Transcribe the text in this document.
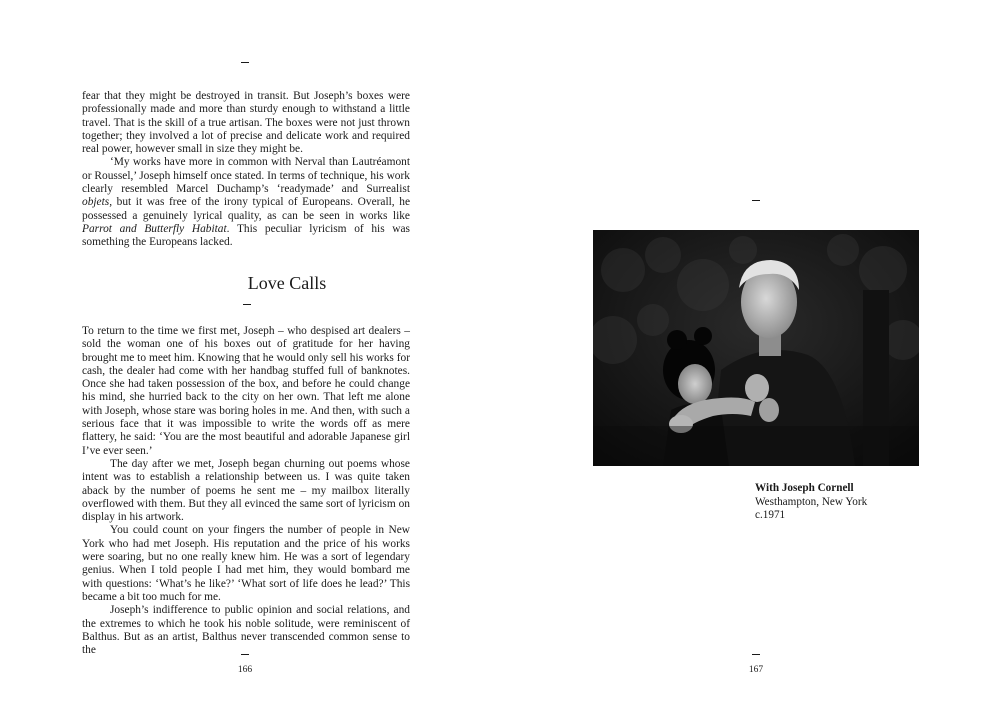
fear that they might be destroyed in transit. But Joseph’s boxes were professionally made and more than sturdy enough to withstand a little travel. That is the skill of a true artisan. The boxes were not just thrown together; they involved a lot of precise and delicate work and required real power, however small in size they might be.

‘My works have more in common with Nerval than Lautréamont or Roussel,’ Joseph himself once stated. In terms of technique, his work clearly resembled Marcel Duchamp’s ‘readymade’ and Surrealist objets, but it was free of the irony typical of Europeans. Overall, he possessed a genuinely lyrical quality, as can be seen in works like Parrot and Butterfly Habitat. This peculiar lyricism of his was something the Europeans lacked.

Love Calls

To return to the time we first met, Joseph – who despised art dealers – sold the woman one of his boxes out of gratitude for her having brought me to meet him. Knowing that he would only sell his works for cash, the dealer had come with her handbag stuffed full of banknotes. Once she had taken possession of the box, and before he could change his mind, she hurried back to the city on her own. That left me alone with Joseph, whose stare was boring holes in me. And then, with such a serious face that it was impossible to write the words off as mere flattery, he said: ‘You are the most beautiful and adorable Japanese girl I’ve ever seen.’

The day after we met, Joseph began churning out poems whose intent was to establish a relationship between us. I was quite taken aback by the number of poems he sent me – my mailbox literally overflowed with them. But they all evinced the same sort of lyricism on display in his artwork.

You could count on your fingers the number of people in New York who had met Joseph. His reputation and the price of his works were soaring, but no one really knew him. He was a sort of legendary genius. When I told people I had met him, they would bombard me with questions: ‘What’s he like?’ ‘What sort of life does he lead?’ This became a bit too much for me.

Joseph’s indifference to public opinion and social relations, and the extremes to which he took his noble solitude, were reminiscent of Balthus. But as an artist, Balthus never transcended common sense to the

166
With Joseph Cornell
Westhampton, New York
c.1971
167
